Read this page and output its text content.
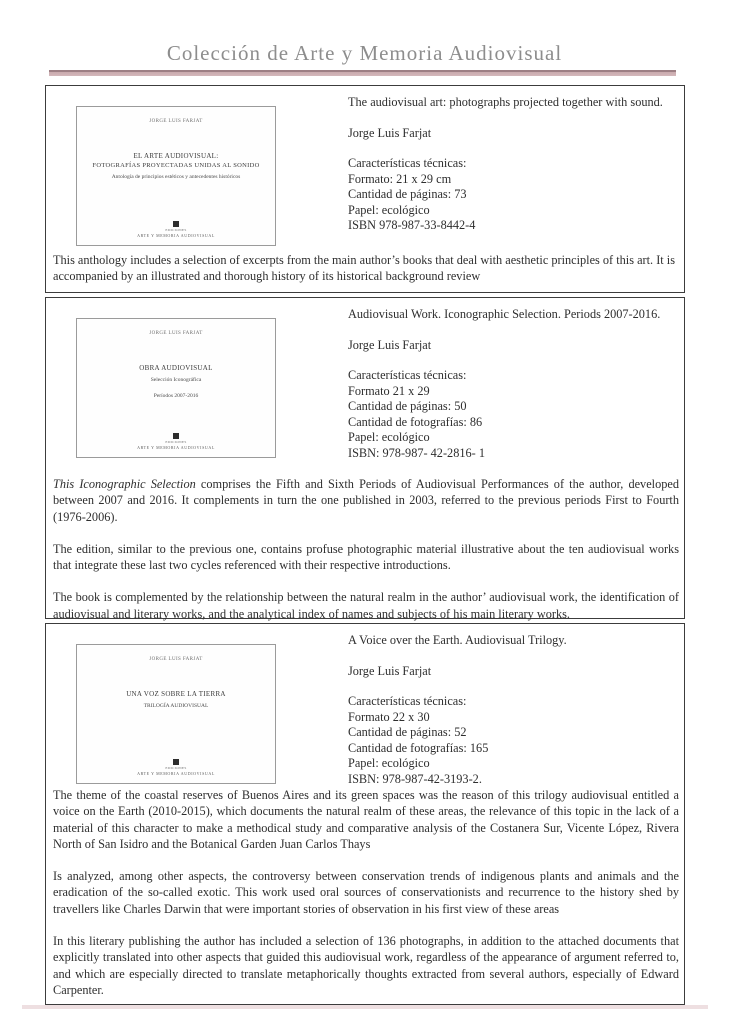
Colección de Arte y Memoria Audiovisual
JORGE LUIS FARJAT
EL ARTE AUDIOVISUAL:
FOTOGRAFÍAS PROYECTADAS UNIDAS AL SONIDO
Antología de principios estéticos y antecedentes históricos
EDICIONES
ARTE Y MEMORIA AUDIOVISUAL
The audiovisual art: photographs projected together with sound.
Jorge Luis Farjat
Características técnicas:
Formato: 21 x 29 cm
Cantidad de páginas: 73
Papel: ecológico
ISBN 978-987-33-8442-4

This anthology includes a selection of excerpts from the main author’s books that deal with aesthetic principles of this art. It is accompanied by an illustrated and thorough history of its historical background review

JORGE LUIS FARJAT
OBRA AUDIOVISUAL
Selección Iconográfica
Períodos 2007-2016
EDICIONES
ARTE Y MEMORIA AUDIOVISUAL
Audiovisual Work. Iconographic Selection. Periods 2007-2016.
Jorge Luis Farjat
Características técnicas:
Formato 21 x 29
Cantidad de páginas: 50
Cantidad de fotografías: 86
Papel: ecológico
ISBN: 978-987- 42-2816- 1

This Iconographic Selection comprises the Fifth and Sixth Periods of Audiovisual Performances of the author, developed between 2007 and 2016. It complements in turn the one published in 2003, referred to the previous periods First to Fourth (1976-2006).

The edition, similar to the previous one, contains profuse photographic material illustrative about the ten audiovisual works that integrate these last two cycles referenced with their respective introductions.

The book is complemented by the relationship between the natural realm in the author’ audiovisual work, the identification of audiovisual and literary works, and the analytical index of names and subjects of his main literary works.

JORGE LUIS FARJAT
UNA VOZ SOBRE LA TIERRA
TRILOGÍA AUDIOVISUAL
EDICIONES
ARTE Y MEMORIA AUDIOVISUAL
A Voice over the Earth. Audiovisual Trilogy.
Jorge Luis Farjat
Características técnicas:
Formato 22 x 30
Cantidad de páginas: 52
Cantidad de fotografías: 165
Papel: ecológico
ISBN: 978-987-42-3193-2.

The theme of the coastal reserves of Buenos Aires and its green spaces was the reason of this trilogy audiovisual entitled a voice on the Earth (2010-2015), which documents the natural realm of these areas, the relevance of this topic in the lack of a material of this character to make a methodical study and comparative analysis of the Costanera Sur, Vicente López, Rivera North of San Isidro and the Botanical Garden Juan Carlos Thays

Is analyzed, among other aspects, the controversy between conservation trends of indigenous plants and animals and the eradication of the so-called exotic. This work used oral sources of conservationists and recurrence to the history shed by travellers like Charles Darwin that were important stories of observation in his first view of these areas

In this literary publishing the author has included a selection of 136 photographs, in addition to the attached documents that explicitly translated into other aspects that guided this audiovisual work, regardless of the appearance of argument referred to, and which are especially directed to translate metaphorically thoughts extracted from several authors, especially of Edward Carpenter.
